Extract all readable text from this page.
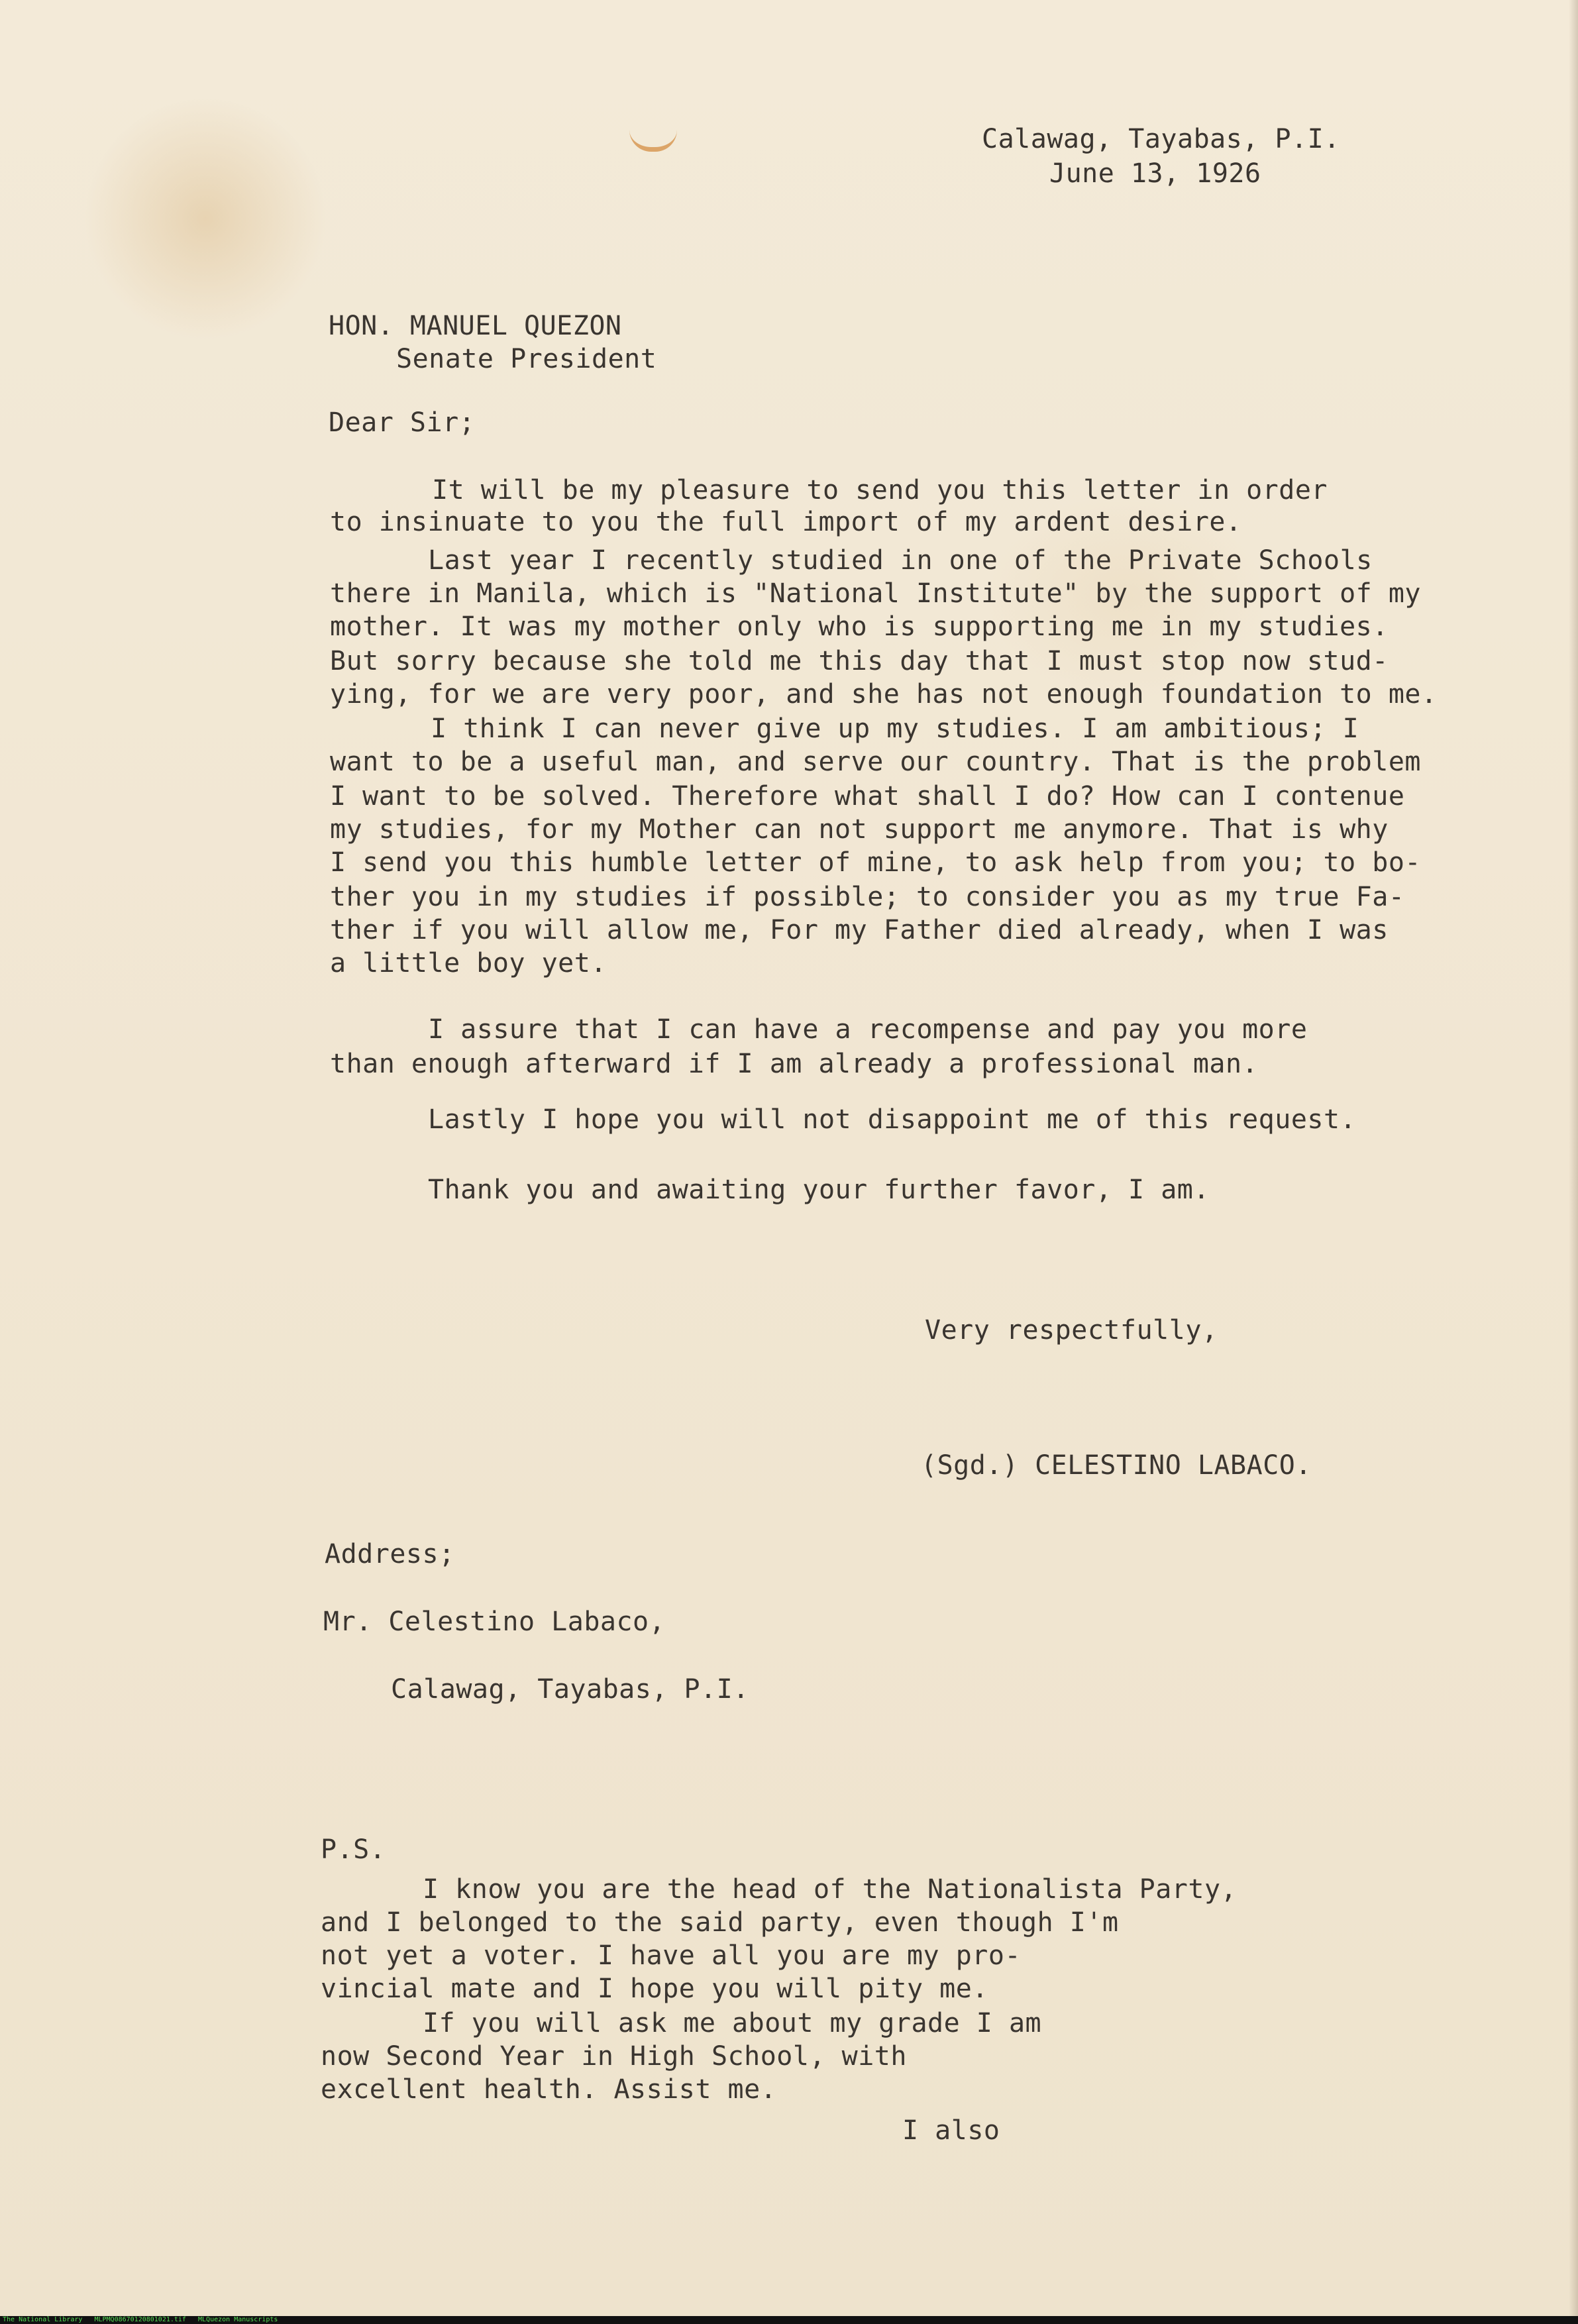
Calawag, Tayabas, P.I.
June 13, 1926
HON. MANUEL QUEZON
Senate President
Dear Sir;
It will be my pleasure to send you this letter in order
to insinuate to you the full import of my ardent desire.
Last year I recently studied in one of the Private Schools
there in Manila, which is "National Institute" by the support of my
mother. It was my mother only who is supporting me in my studies.
But sorry because she told me this day that I must stop now stud-
ying, for we are very poor, and she has not enough foundation to me.
I think I can never give up my studies. I am ambitious; I
want to be a useful man, and serve our country. That is the problem
I want to be solved. Therefore what shall I do? How can I contenue
my studies, for my Mother can not support me anymore. That is why
I send you this humble letter of mine, to ask help from you; to bo-
ther you in my studies if possible; to consider you as my true Fa-
ther if you will allow me, For my Father died already, when I was
a little boy yet.
I assure that I can have a recompense and pay you more
than enough afterward if I am already a professional man.
Lastly I hope you will not disappoint me of this request.
Thank you and awaiting your further favor, I am.
Very respectfully,
(Sgd.) CELESTINO LABACO.
Address;
Mr. Celestino Labaco,
Calawag, Tayabas, P.I.
P.S.
I know you are the head of the Nationalista Party,
and I belonged to the said party, even though I'm
not yet a voter. I have all you are my pro-
vincial mate and I hope you will pity me.
If you will ask me about my grade I am
now Second Year in High School, with
excellent health. Assist me.
I also
The National Library   MLPMQ08670120801021.tif   MLQuezon Manuscripts
